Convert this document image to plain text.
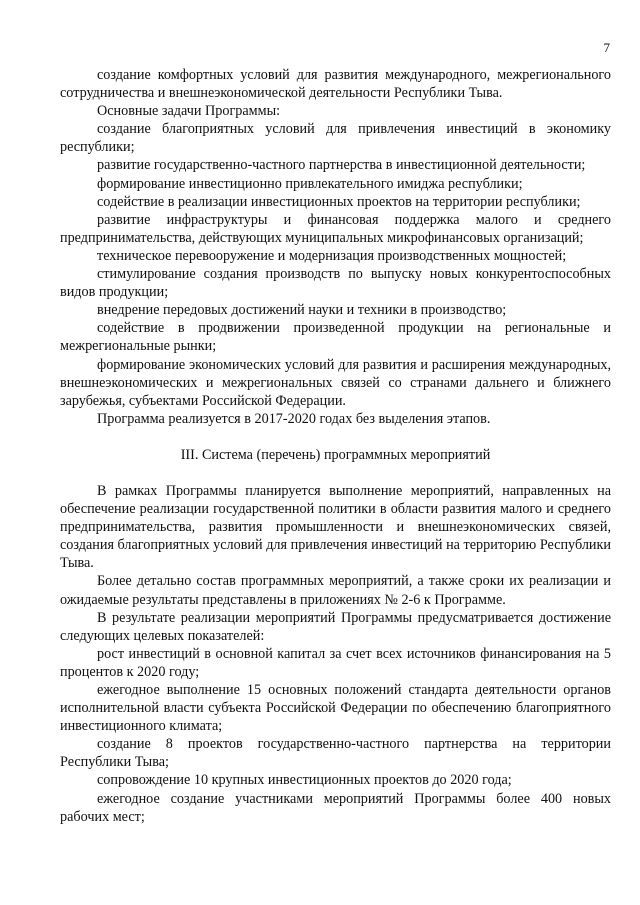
7

создание комфортных условий для развития международного, межрегионального сотрудничества и внешнеэкономической деятельности Республики Тыва.

Основные задачи Программы:

создание благоприятных условий для привлечения инвестиций в экономику республики;

развитие государственно-частного партнерства в инвестиционной деятельности;

формирование инвестиционно привлекательного имиджа республики;

содействие в реализации инвестиционных проектов на территории республики;

развитие инфраструктуры и финансовая поддержка малого и среднего предпринимательства, действующих муниципальных микрофинансовых организаций;

техническое перевооружение и модернизация производственных мощностей;

стимулирование создания производств по выпуску новых конкурентоспособных видов продукции;

внедрение передовых достижений науки и техники в производство;

содействие в продвижении произведенной продукции на региональные и межрегиональные рынки;

формирование экономических условий для развития и расширения международных, внешнеэкономических и межрегиональных связей со странами дальнего и ближнего зарубежья, субъектами Российской Федерации.

Программа реализуется в 2017-2020 годах без выделения этапов.

III. Система (перечень) программных мероприятий

В рамках Программы планируется выполнение мероприятий, направленных на обеспечение реализации государственной политики в области развития малого и среднего предпринимательства, развития промышленности и внешнеэкономических связей, создания благоприятных условий для привлечения инвестиций на территорию Республики Тыва.

Более детально состав программных мероприятий, а также сроки их реализации и ожидаемые результаты представлены в приложениях № 2-6 к Программе.

В результате реализации мероприятий Программы предусматривается достижение следующих целевых показателей:

рост инвестиций в основной капитал за счет всех источников финансирования на 5 процентов к 2020 году;

ежегодное выполнение 15 основных положений стандарта деятельности органов исполнительной власти субъекта Российской Федерации по обеспечению благоприятного инвестиционного климата;

создание 8 проектов государственно-частного партнерства на территории Республики Тыва;

сопровождение 10 крупных инвестиционных проектов до 2020 года;

ежегодное создание участниками мероприятий Программы более 400 новых рабочих мест;
